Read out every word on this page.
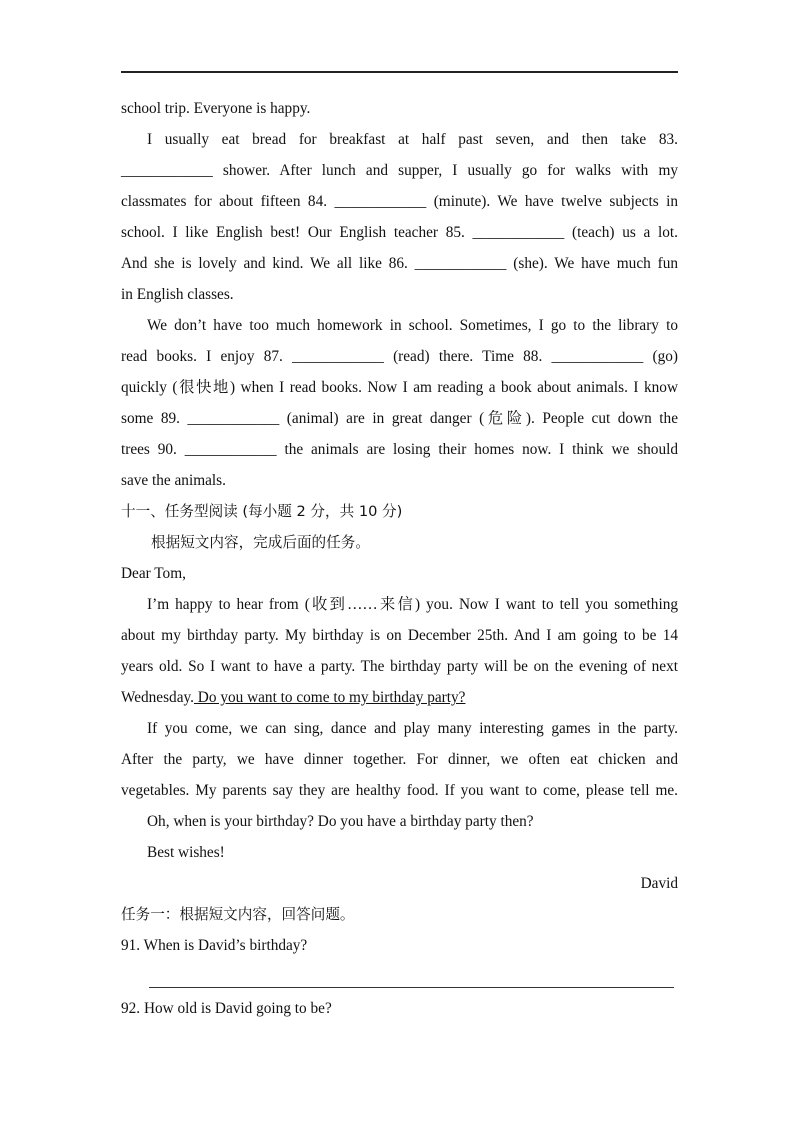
school trip. Everyone is happy.
I usually eat bread for breakfast at half past seven, and then take 83.
____________ shower. After lunch and supper, I usually go for walks with my
classmates for about fifteen 84. ____________ (minute). We have twelve subjects in
school. I like English best! Our English teacher 85. ____________ (teach) us a lot.
And she is lovely and kind. We all like 86. ____________ (she). We have much fun
in English classes.
We don’t have too much homework in school. Sometimes, I go to the library to
read books. I enjoy 87. ____________ (read) there. Time 88. ____________ (go)
quickly (很快地) when I read books. Now I am reading a book about animals. I know
some 89. ____________ (animal) are in great danger (危险). People cut down the
trees 90. ____________ the animals are losing their homes now. I think we should
save the animals.
十一、任务型阅读 (每小题 2 分，共 10 分)
根据短文内容，完成后面的任务。
Dear Tom,
I’m happy to hear from (收到……来信) you. Now I want to tell you something
about my birthday party. My birthday is on December 25th. And I am going to be 14
years old. So I want to have a party. The birthday party will be on the evening of next
Wednesday. Do you want to come to my birthday party?
If you come, we can sing, dance and play many interesting games in the party.
After the party, we have dinner together. For dinner, we often eat chicken and
vegetables. My parents say they are healthy food. If you want to come, please tell me.
Oh, when is your birthday? Do you have a birthday party then?
Best wishes!
David
任务一：根据短文内容，回答问题。
91. When is David’s birthday?
92. How old is David going to be?
